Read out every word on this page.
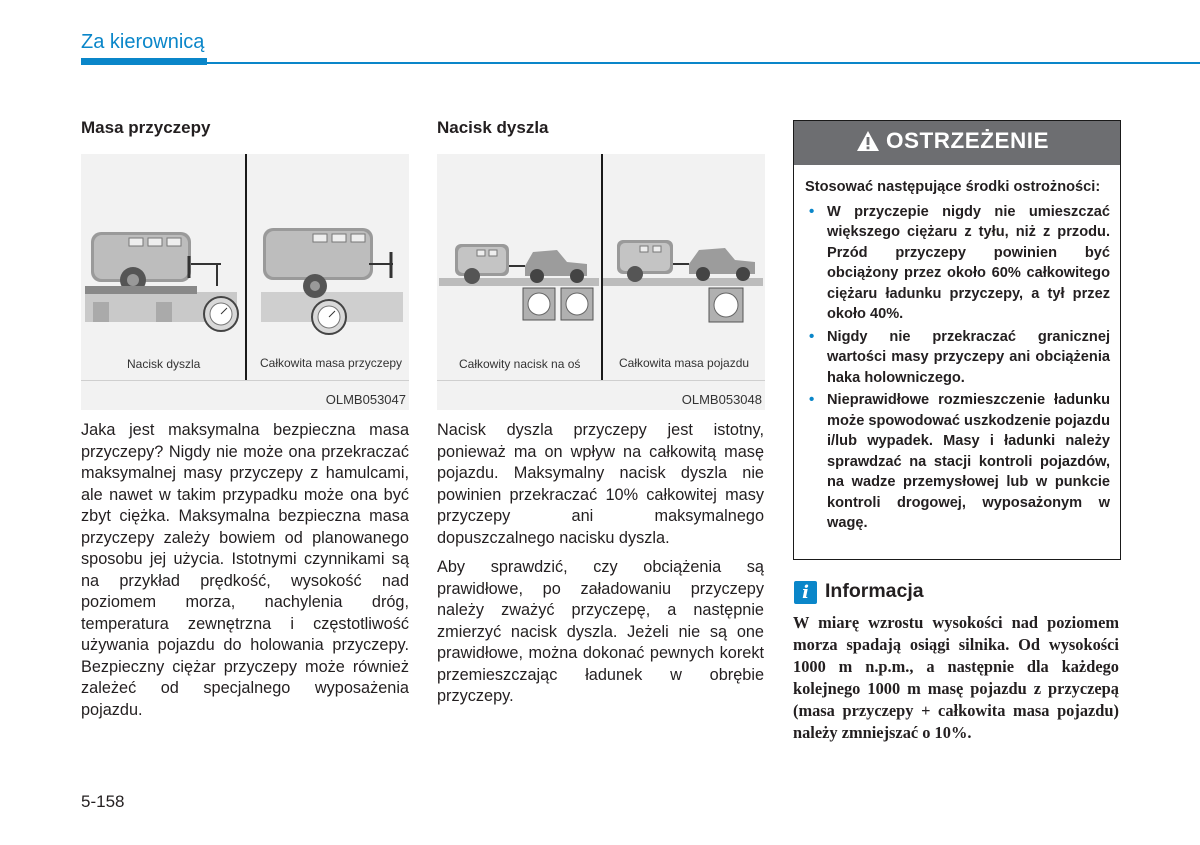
Za kierownicą
Masa przyczepy
Nacisk dyszla	Całkowita masa przyczepy
OLMB053047

Jaka jest maksymalna bezpieczna masa przyczepy? Nigdy nie może ona przekraczać maksymalnej masy przyczepy z hamulcami, ale nawet w takim przypadku może ona być zbyt ciężka. Maksymalna bezpieczna masa przyczepy zależy bowiem od planowanego sposobu jej użycia. Istotnymi czynnikami są na przykład prędkość, wysokość nad poziomem morza, nachylenia dróg, temperatura zewnętrzna i częstotliwość używania pojazdu do holowania przyczepy. Bezpieczny ciężar przyczepy może również zależeć od specjalnego wyposażenia pojazdu.

Nacisk dyszla
Całkowity nacisk na oś	Całkowita masa pojazdu
OLMB053048

Nacisk dyszla przyczepy jest istotny, ponieważ ma on wpływ na całkowitą masę pojazdu. Maksymalny nacisk dyszla nie powinien przekraczać 10% całkowitej masy przyczepy ani maksymalnego dopuszczalnego nacisku dyszla.

Aby sprawdzić, czy obciążenia są prawidłowe, po załadowaniu przyczepy należy zważyć przyczepę, a następnie zmierzyć nacisk dyszla. Jeżeli nie są one prawidłowe, można dokonać pewnych korekt przemieszczając ładunek w obrębie przyczepy.

OSTRZEŻENIE

Stosować następujące środki ostrożności:

• W przyczepie nigdy nie umieszczać większego ciężaru z tyłu, niż z przodu. Przód przyczepy powinien być obciążony przez około 60% całkowitego ciężaru ładunku przyczepy, a tył przez około 40%.
• Nigdy nie przekraczać granicznej wartości masy przyczepy ani obciążenia haka holowniczego.
• Nieprawidłowe rozmieszczenie ładunku może spowodować uszkodzenie pojazdu i/lub wypadek. Masy i ładunki należy sprawdzać na stacji kontroli pojazdów, na wadze przemysłowej lub w punkcie kontroli drogowej, wyposażonym w wagę.
i Informacja
W miarę wzrostu wysokości nad poziomem morza spadają osiągi silnika. Od wysokości 1000 m n.p.m., a następnie dla każdego kolejnego 1000 m masę pojazdu z przyczepą (masa przyczepy + całkowita masa pojazdu) należy zmniejszać o 10%.
5-158
